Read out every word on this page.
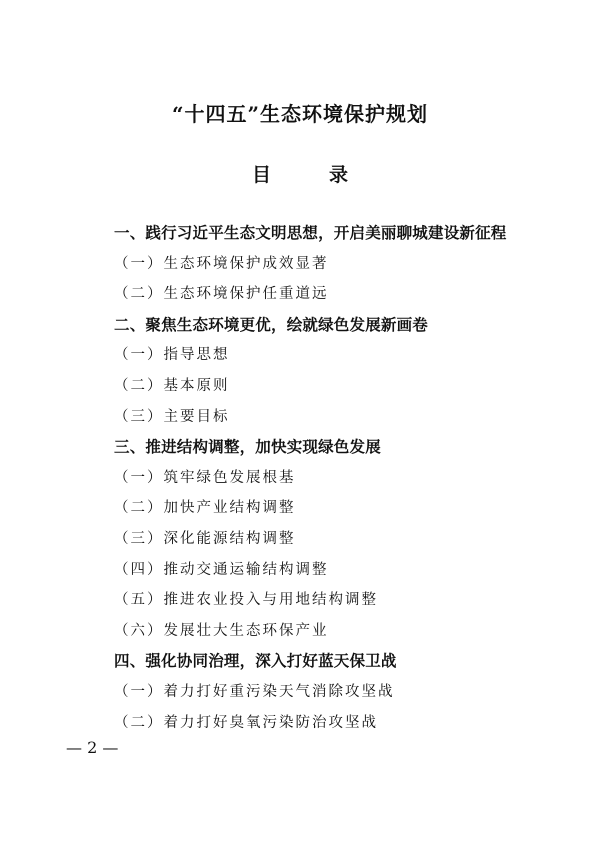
“十四五”生态环境保护规划
目	录
一、践行习近平生态文明思想，开启美丽聊城建设新征程
（一）生态环境保护成效显著
（二）生态环境保护任重道远
二、聚焦生态环境更优，绘就绿色发展新画卷
（一）指导思想
（二）基本原则
（三）主要目标
三、推进结构调整，加快实现绿色发展
（一）筑牢绿色发展根基
（二）加快产业结构调整
（三）深化能源结构调整
（四）推动交通运输结构调整
（五）推进农业投入与用地结构调整
（六）发展壮大生态环保产业
四、强化协同治理，深入打好蓝天保卫战
（一）着力打好重污染天气消除攻坚战
（二）着力打好臭氧污染防治攻坚战
— 2 —
